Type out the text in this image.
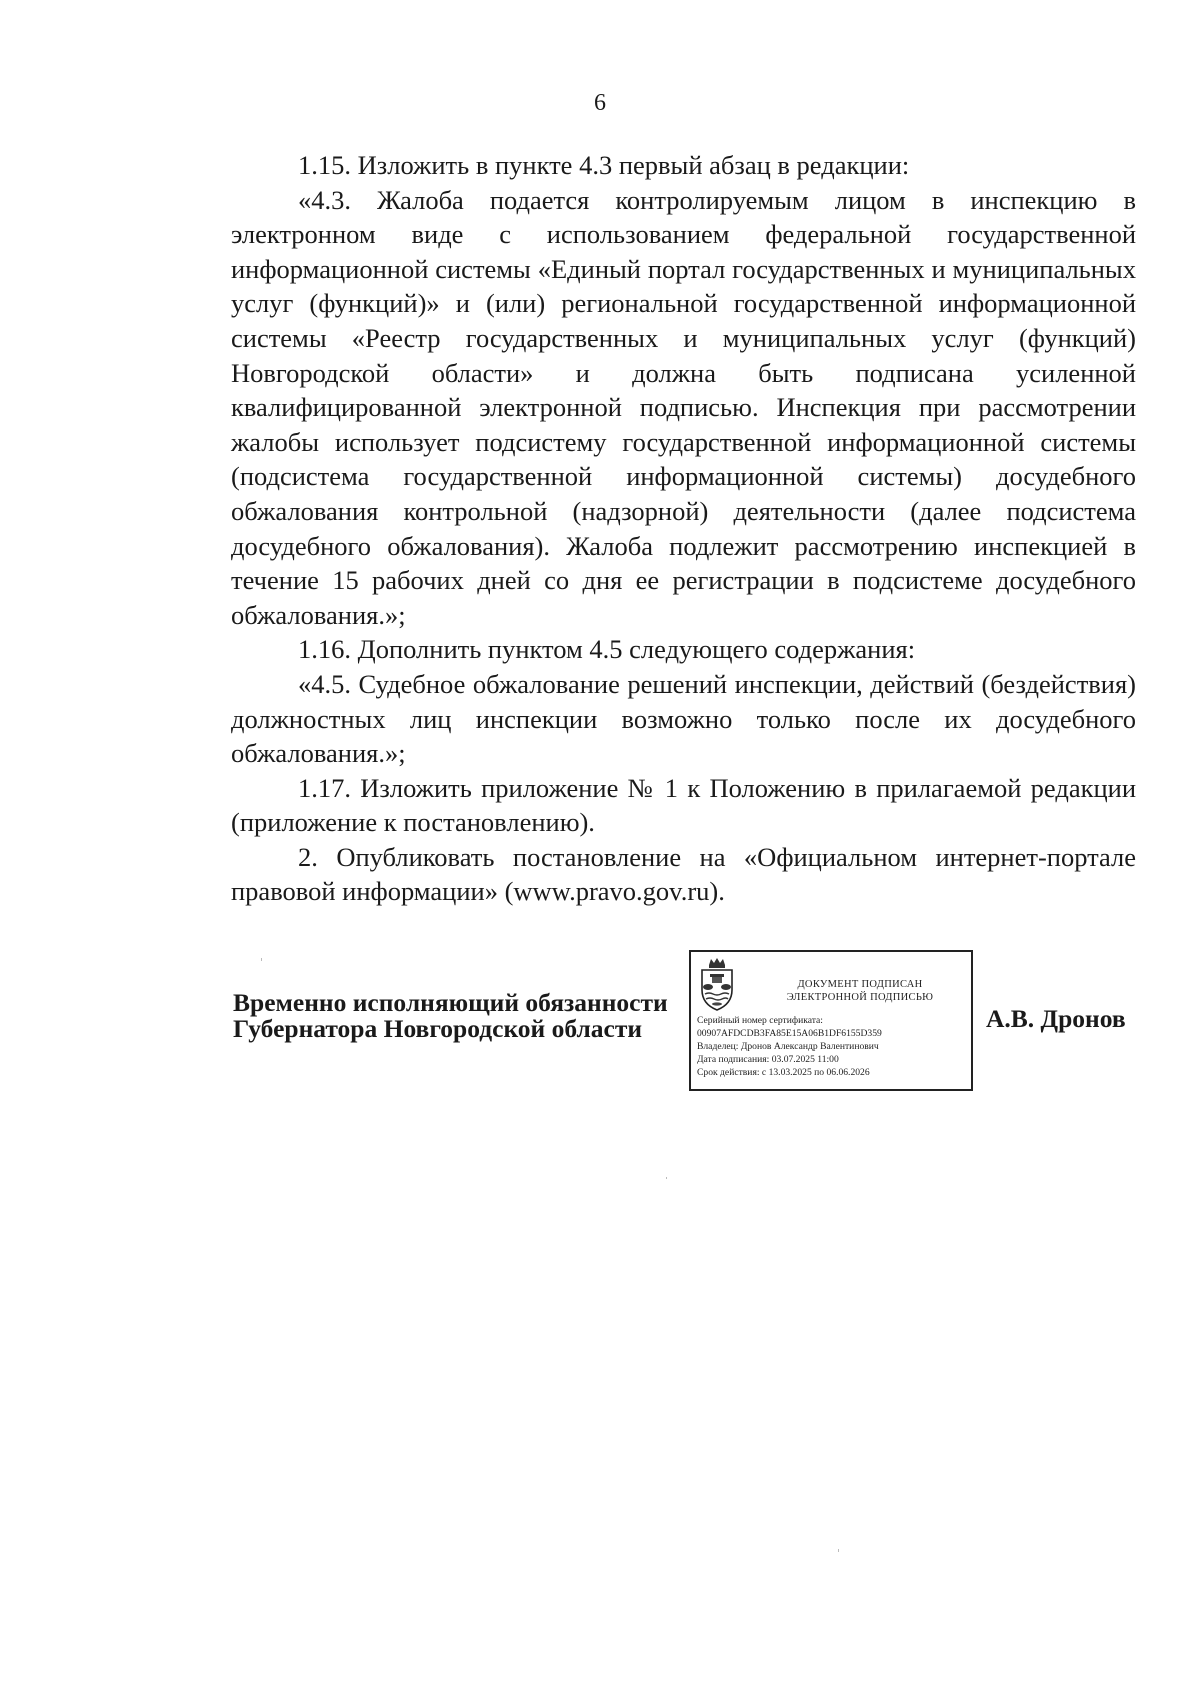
6

1.15. Изложить в пункте 4.3 первый абзац в редакции:

«4.3. Жалоба подается контролируемым лицом в инспекцию в электронном виде с использованием федеральной государственной информационной системы «Единый портал государственных и муниципальных услуг (функций)» и (или) региональной государственной информационной системы «Реестр государственных и муниципальных услуг (функций) Новгородской области» и должна быть подписана усиленной квалифицированной электронной подписью. Инспекция при рассмотрении жалобы использует подсистему государственной информационной системы (подсистема государственной информационной системы) досудебного обжалования контрольной (надзорной) деятельности (далее подсистема досудебного обжалования). Жалоба подлежит рассмотрению инспекцией в течение 15 рабочих дней со дня ее регистрации в подсистеме досудебного обжалования.»;

1.16. Дополнить пунктом 4.5 следующего содержания:

«4.5. Судебное обжалование решений инспекции, действий (бездействия) должностных лиц инспекции возможно только после их досудебного обжалования.»;

1.17. Изложить приложение № 1 к Положению в прилагаемой редакции (приложение к постановлению).

2. Опубликовать постановление на «Официальном интернет-портале правовой информации» (www.pravo.gov.ru).

Временно исполняющий обязанности
Губернатора Новгородской области
ДОКУМЕНТ ПОДПИСАН
ЭЛЕКТРОННОЙ ПОДПИСЬЮ
Серийный номер сертификата:
00907AFDCDB3FA85E15A06B1DF6155D359
Владелец: Дронов Александр Валентинович
Дата подписания: 03.07.2025 11:00
Срок действия: с 13.03.2025 по 06.06.2026
А.В. Дронов
